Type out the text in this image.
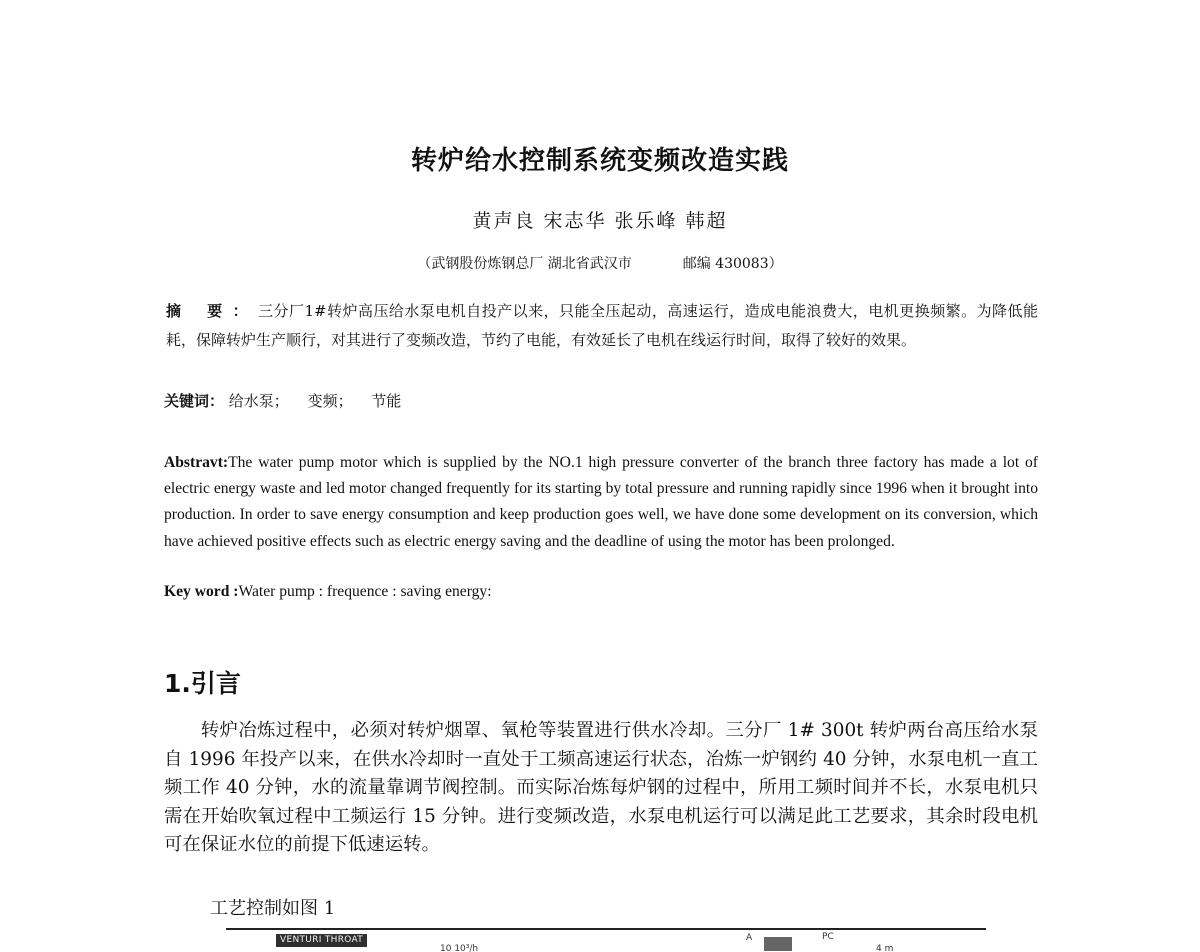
转炉给水控制系统变频改造实践
黄声良 宋志华 张乐峰 韩超
（武钢股份炼钢总厂 湖北省武汉市	邮编 430083）
摘 要：三分厂1#转炉高压给水泵电机自投产以来，只能全压起动，高速运行，造成电能浪费大，电机更换频繁。为降低能耗，保障转炉生产顺行，对其进行了变频改造，节约了电能，有效延长了电机在线运行时间，取得了较好的效果。
关键词： 给水泵； 变频； 节能
Abstravt:The water pump motor which is supplied by the NO.1 high pressure converter of the branch three factory has made a lot of electric energy waste and led motor changed frequently for its starting by total pressure and running rapidly since 1996 when it brought into production. In order to save energy consumption and keep production goes well, we have done some development on its conversion, which have achieved positive effects such as electric energy saving and the deadline of using the motor has been prolonged.
Key word :Water pump : frequence : saving energy:
1.引言
转炉冶炼过程中，必须对转炉烟罩、氧枪等装置进行供水冷却。三分厂 1# 300t 转炉两台高压给水泵自 1996 年投产以来，在供水冷却时一直处于工频高速运行状态，冶炼一炉钢约 40 分钟，水泵电机一直工频工作 40 分钟，水的流量靠调节阀控制。而实际冶炼每炉钢的过程中，所用工频时间并不长，水泵电机只需在开始吹氧过程中工频运行 15 分钟。进行变频改造，水泵电机运行可以满足此工艺要求，其余时段电机可在保证水位的前提下低速运转。
工艺控制如图 1
VENTURI THROAT
10 10³/h
A	PC
4 m
